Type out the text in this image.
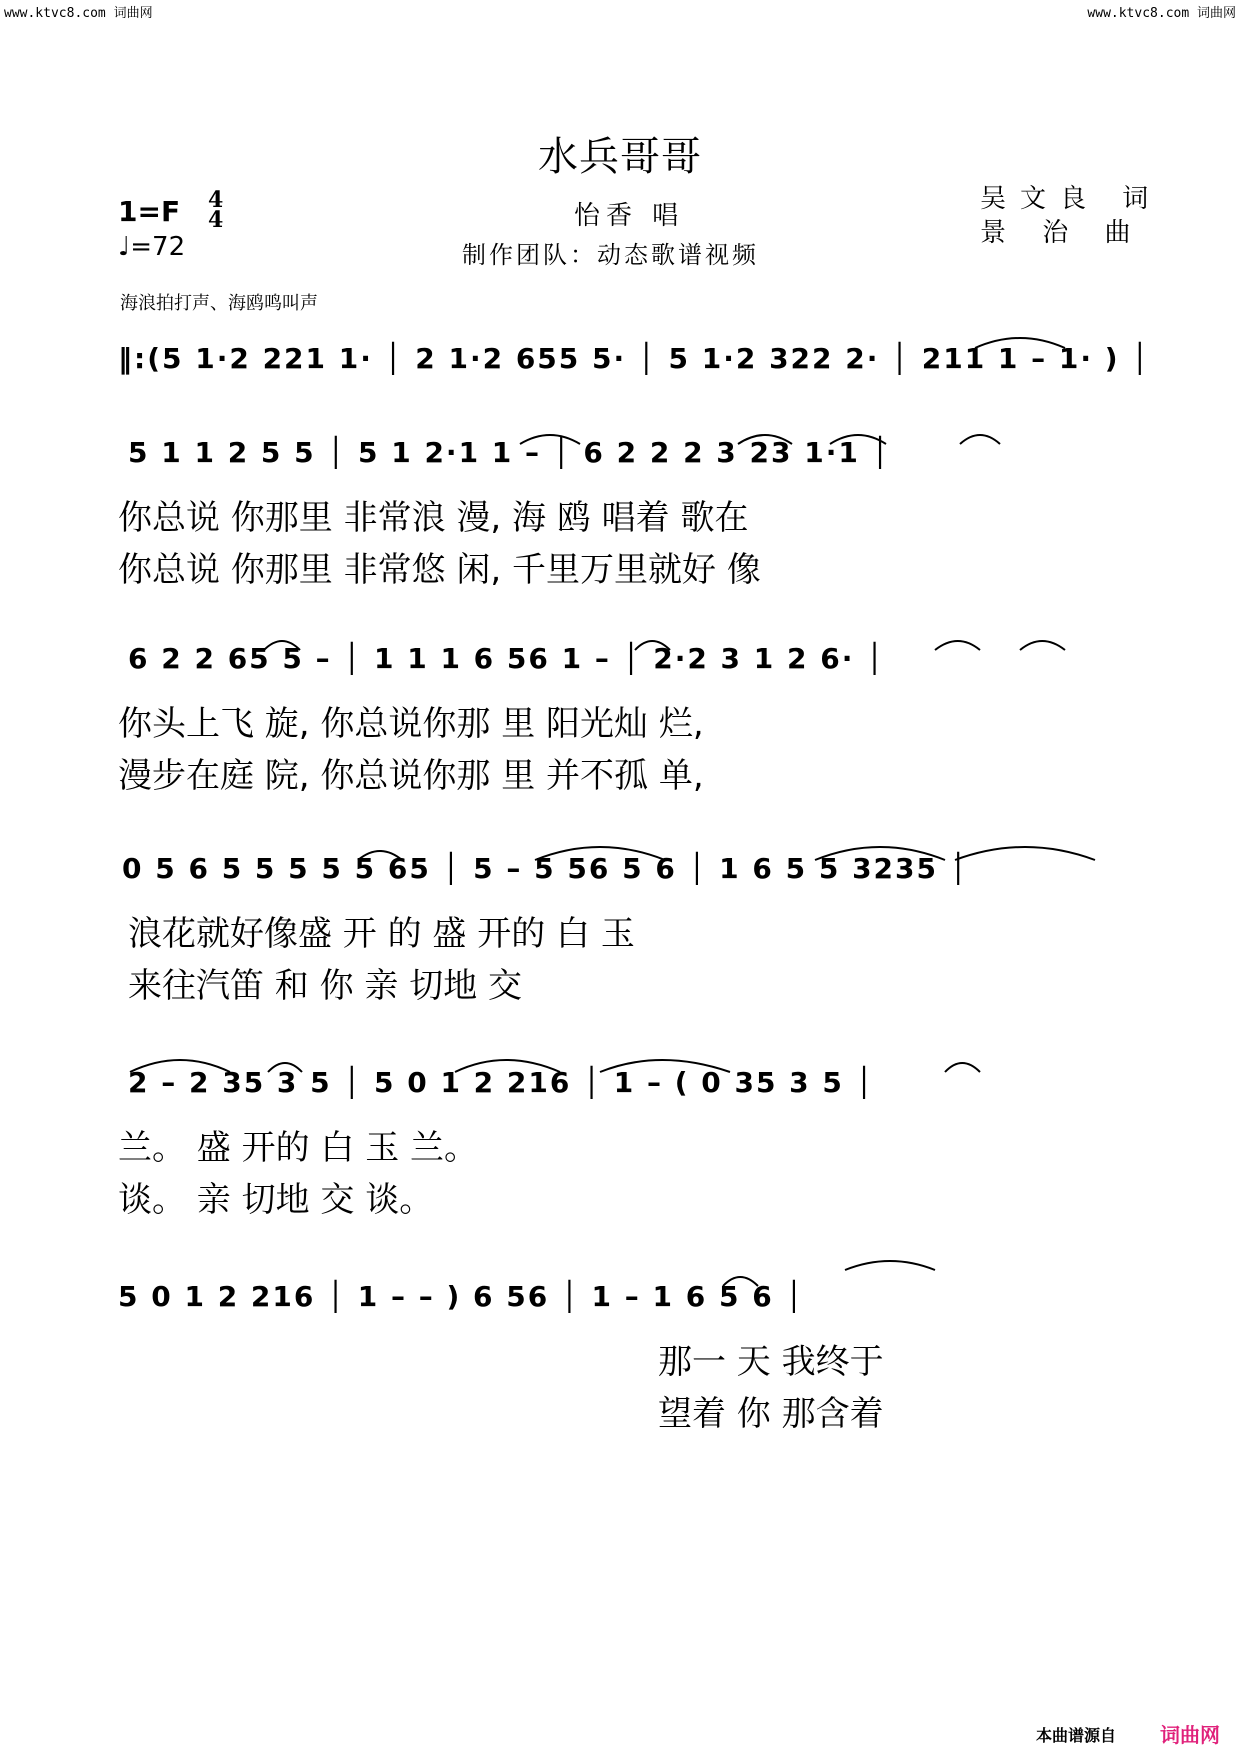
www.ktvc8.com 词曲网	www.ktvc8.com 词曲网
水兵哥哥
1=F 4
4
♩=72
怡香 唱
制作团队：动态歌谱视频
吴文良 词
景 治 曲
海浪拍打声、海鸥鸣叫声
‖:(5 1·2 221 1· │ 2 1·2 655 5· │ 5 1·2 322 2· │ 211 1 – 1· ) │
5 1 1 2 5 5 │ 5 1 2·1 1 – │ 6 2 2 2 3 23 1·1 │
你总说 你那里 非常浪 漫, 海 鸥 唱着 歌在
你总说 你那里 非常悠 闲, 千里万里就好 像
6 2 2 65 5 – │ 1 1 1 6 56 1 – │ 2·2 3 1 2 6· │
你头上飞 旋, 你总说你那 里 阳光灿 烂,
漫步在庭 院, 你总说你那 里 并不孤 单,
0 5 6 5 5 5 5 5 65 │ 5 – 5 56 5 6 │ 1 6 5 5 3235 │
浪花就好像盛 开 的 盛 开的 白 玉
来往汽笛 和 你 亲 切地 交
2 – 2 35 3 5 │ 5 0 1 2 216 │ 1 – ( 0 35 3 5 │
兰。 盛 开的 白 玉 兰。
谈。 亲 切地 交 谈。
5 0 1 2 216 │ 1 – – ) 6 56 │ 1 – 1 6 5 6 │
那一 天 我终于
望着 你 那含着
本曲谱源自 词曲网
